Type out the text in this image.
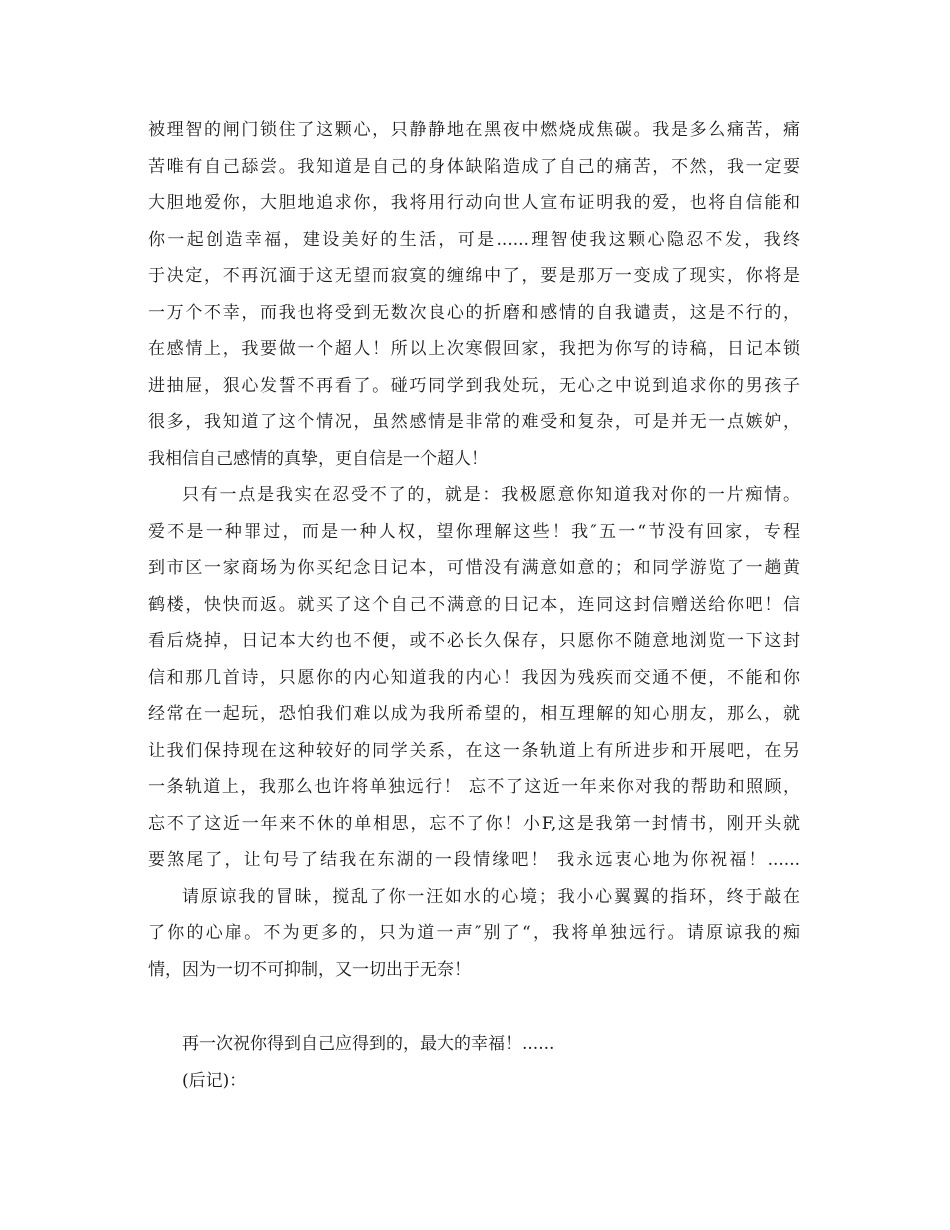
被理智的闸门锁住了这颗心，只静静地在黑夜中燃烧成焦碳。我是多么痛苦，痛
苦唯有自己舔尝。我知道是自己的身体缺陷造成了自己的痛苦，不然，我一定要
大胆地爱你，大胆地追求你，我将用行动向世人宣布证明我的爱，也将自信能和
你一起创造幸福，建设美好的生活，可是......理智使我这颗心隐忍不发，我终
于决定，不再沉湎于这无望而寂寞的缠绵中了，要是那万一变成了现实，你将是
一万个不幸，而我也将受到无数次良心的折磨和感情的自我谴责，这是不行的，
在感情上，我要做一个超人！所以上次寒假回家，我把为你写的诗稿，日记本锁
进抽屉，狠心发誓不再看了。碰巧同学到我处玩，无心之中说到追求你的男孩子
很多，我知道了这个情况，虽然感情是非常的难受和复杂，可是并无一点嫉妒，
我相信自己感情的真挚，更自信是一个超人！
只有一点是我实在忍受不了的，就是：我极愿意你知道我对你的一片痴情。
爱不是一种罪过，而是一种人权，望你理解这些！我″五一“节没有回家，专程
到市区一家商场为你买纪念日记本，可惜没有满意如意的；和同学游览了一趟黄
鹤楼，快快而返。就买了这个自己不满意的日记本，连同这封信赠送给你吧！信
看后烧掉，日记本大约也不便，或不必长久保存，只愿你不随意地浏览一下这封
信和那几首诗，只愿你的内心知道我的内心！我因为残疾而交通不便，不能和你
经常在一起玩，恐怕我们难以成为我所希望的，相互理解的知心朋友，那么，就
让我们保持现在这种较好的同学关系，在这一条轨道上有所进步和开展吧，在另
一条轨道上，我那么也许将单独远行！ 忘不了这近一年来你对我的帮助和照顾，
忘不了这近一年来不休的单相思，忘不了你！小F,这是我第一封情书，刚开头就
要煞尾了，让句号了结我在东湖的一段情缘吧！ 我永远衷心地为你祝福！......
请原谅我的冒昧，搅乱了你一汪如水的心境；我小心翼翼的指环，终于敲在
了你的心扉。不为更多的，只为道一声″别了“，我将单独远行。请原谅我的痴
情，因为一切不可抑制，又一切出于无奈！
再一次祝你得到自己应得到的，最大的幸福！......
(后记)：
